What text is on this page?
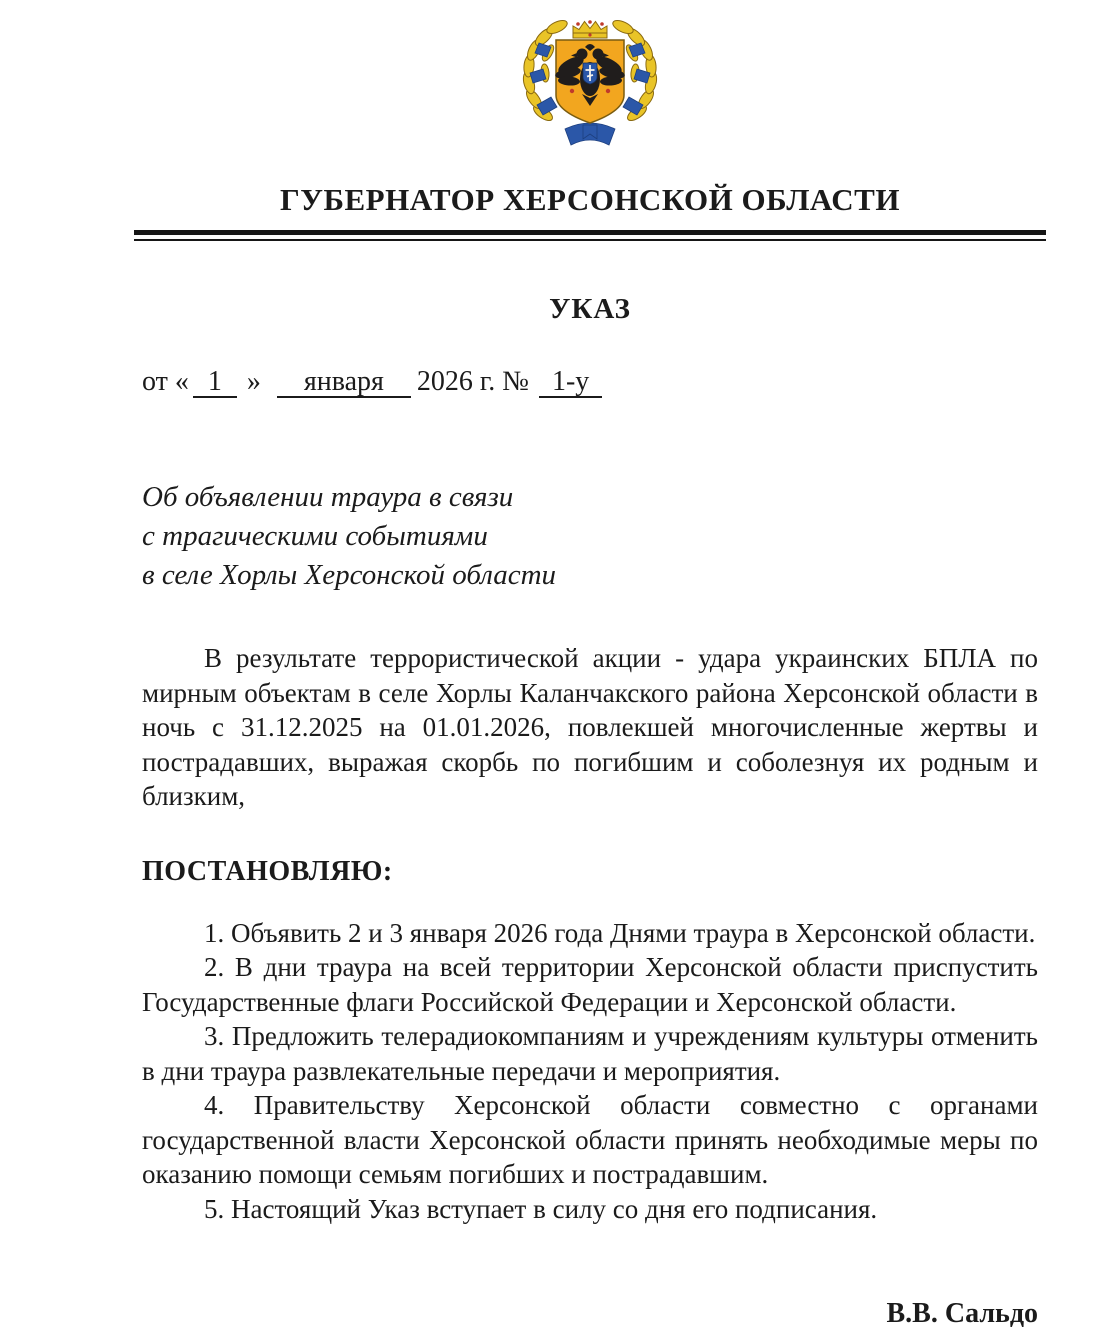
ГУБЕРНАТОР ХЕРСОНСКОЙ ОБЛАСТИ
УКАЗ

от « 1 » января 2026 г. № 1-у

Об объявлении траура в связи

с трагическими событиями

в селе Хорлы Херсонской области

В результате террористической акции - удара украинских БПЛА по мирным объектам в селе Хорлы Каланчакского района Херсонской области в ночь с 31.12.2025 на 01.01.2026, повлекшей многочисленные жертвы и пострадавших, выражая скорбь по погибшим и соболезнуя их родным и близким,

ПОСТАНОВЛЯЮ:

1. Объявить 2 и 3 января 2026 года Днями траура в Херсонской области.

2. В дни траура на всей территории Херсонской области приспустить Государственные флаги Российской Федерации и Херсонской области.

3. Предложить телерадиокомпаниям и учреждениям культуры отменить в дни траура развлекательные передачи и мероприятия.

4. Правительству Херсонской области совместно с органами государственной власти Херсонской области принять необходимые меры по оказанию помощи семьям погибших и пострадавшим.

5. Настоящий Указ вступает в силу со дня его подписания.

В.В. Сальдо
